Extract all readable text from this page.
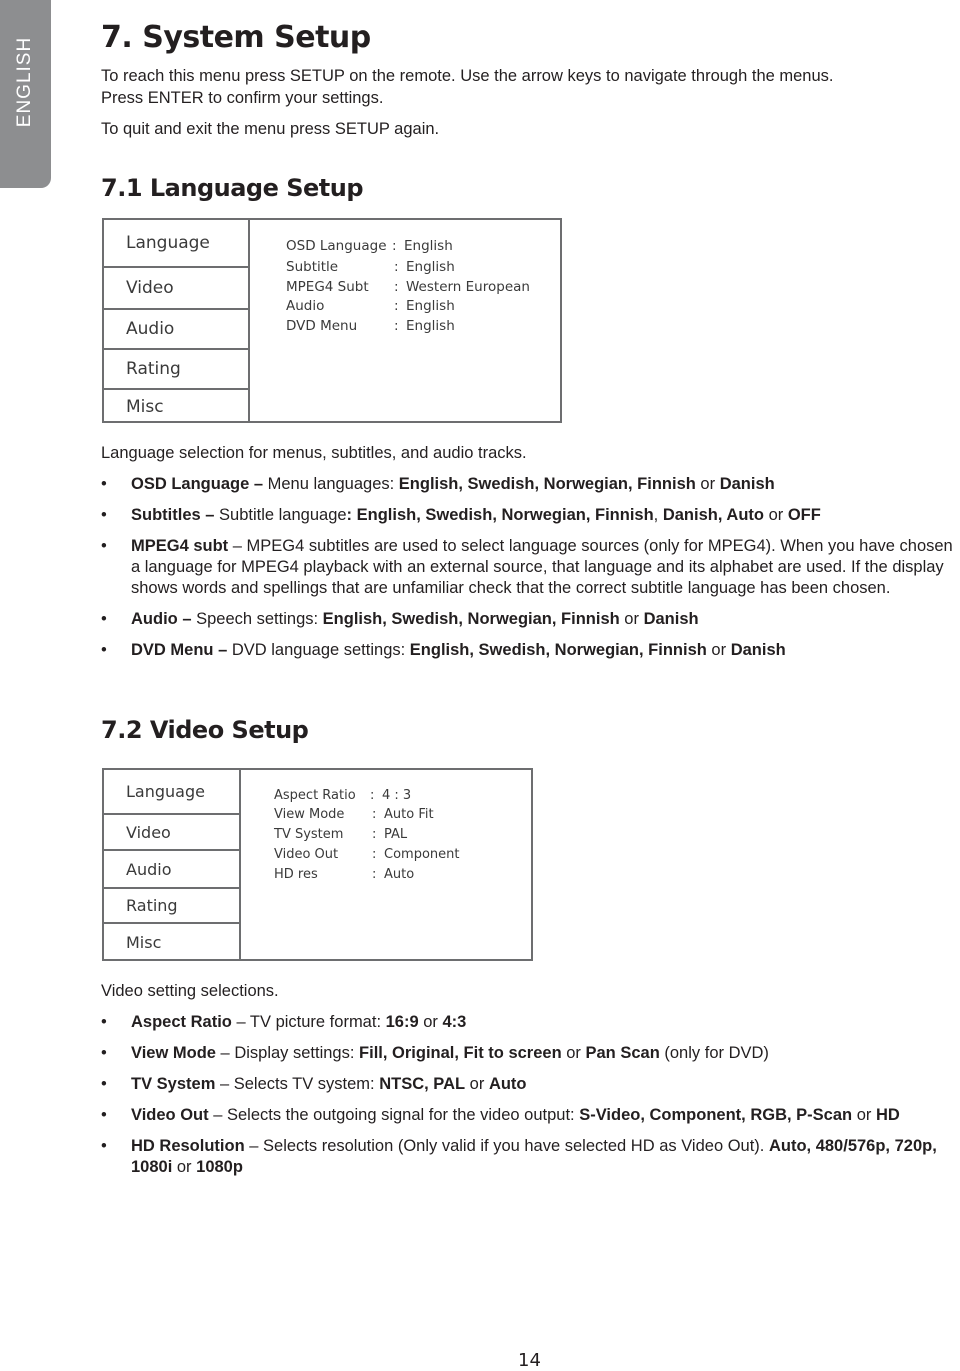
ENGLISH 7. System Setup

To reach this menu press SETUP on the remote. Use the arrow keys to navigate through the menus.

Press ENTER to confirm your settings.

To quit and exit the menu press SETUP again.

7.1 Language Setup
Language
Video
Audio
Rating
Misc
OSD Language : English
Subtitle	: English
MPEG4 Subt : Western European
Audio	: English
DVD Menu	: English

Language selection for menus, subtitles, and audio tracks.

• OSD Language – Menu languages: English, Swedish, Norwegian, Finnish or Danish
• Subtitles – Subtitle language: English, Swedish, Norwegian, Finnish, Danish, Auto or OFF
• MPEG4 subt – MPEG4 subtitles are used to select language sources (only for MPEG4). When you have chosen a language for MPEG4 playback with an external source, that language and its alphabet are used. If the display shows words and spellings that are unfamiliar check that the correct subtitle language has been chosen.
• Audio – Speech settings: English, Swedish, Norwegian, Finnish or Danish
• DVD Menu – DVD language settings: English, Swedish, Norwegian, Finnish or Danish
7.2 Video Setup
Language
Video
Audio
Rating
Misc
Aspect Ratio : 4 : 3
View Mode : Auto Fit
TV System : PAL
Video Out	: Component
HD res	: Auto

Video setting selections.

• Aspect Ratio – TV picture format: 16:9 or 4:3
• View Mode – Display settings: Fill, Original, Fit to screen or Pan Scan (only for DVD)
• TV System – Selects TV system: NTSC, PAL or Auto
• Video Out – Selects the outgoing signal for the video output: S-Video, Component, RGB, P-Scan or HD
• HD Resolution – Selects resolution (Only valid if you have selected HD as Video Out). Auto, 480/576p, 720p, 1080i or 1080p
14
